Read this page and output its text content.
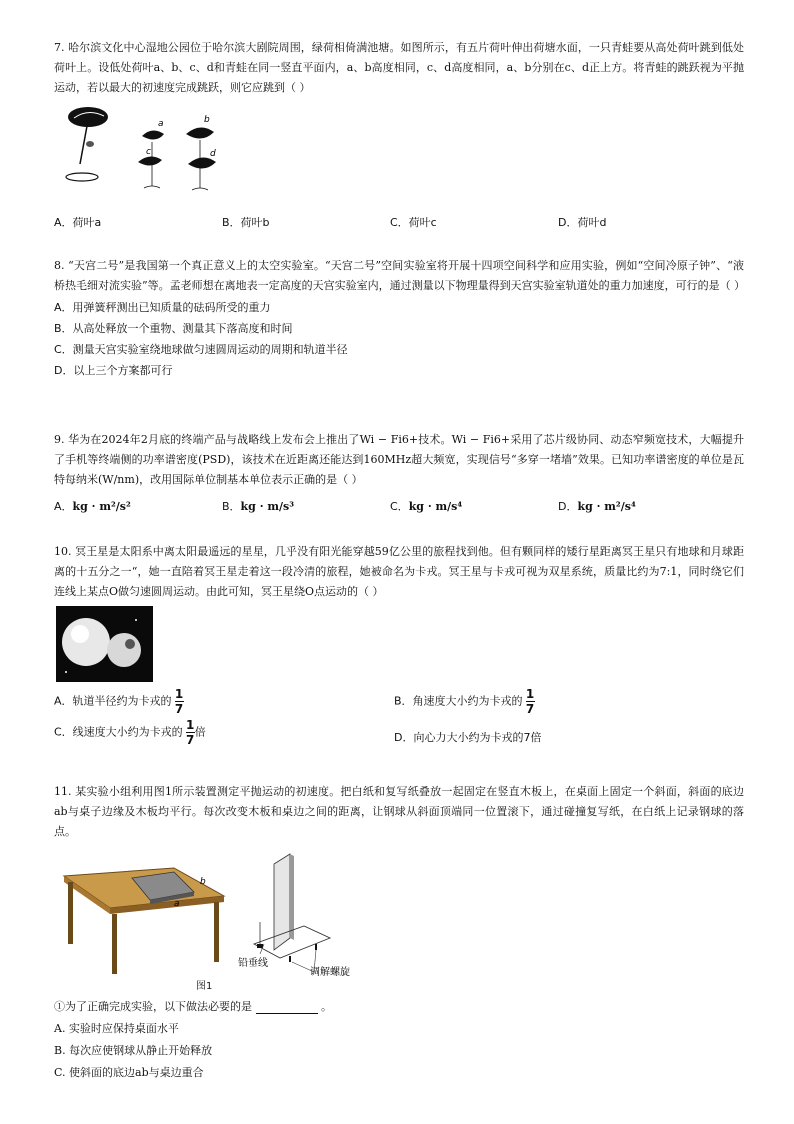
7. 哈尔滨文化中心湿地公园位于哈尔滨大剧院周围，绿荷相倚满池塘。如图所示，有五片荷叶伸出荷塘水面，一只青蛙要从高处荷叶跳到低处荷叶上。设低处荷叶a、b、c、d和青蛙在同一竖直平面内，a、b高度相同，c、d高度相同，a、b分别在c、d正上方。将青蛙的跳跃视为平抛运动，若以最大的初速度完成跳跃，则它应跳到（ ）
a	b
c	d
A．荷叶a	B．荷叶b	C．荷叶c	D．荷叶d
8. “天宫二号”是我国第一个真正意义上的太空实验室。“天宫二号”空间实验室将开展十四项空间科学和应用实验，例如“空间冷原子钟”、“液桥热毛细对流实验”等。孟老师想在离地表一定高度的天宫实验室内，通过测量以下物理量得到天宫实验室轨道处的重力加速度，可行的是（ ）
A．用弹簧秤测出已知质量的砝码所受的重力
B．从高处释放一个重物、测量其下落高度和时间
C．测量天宫实验室绕地球做匀速圆周运动的周期和轨道半径
D．以上三个方案都可行
9. 华为在2024年2月底的终端产品与战略线上发布会上推出了Wi − Fi6+技术。Wi − Fi6+采用了芯片级协同、动态窄频宽技术，大幅提升了手机等终端侧的功率谱密度(PSD)，该技术在近距离还能达到160MHz超大频宽，实现信号“多穿一堵墙”效果。已知功率谱密度的单位是瓦特每纳米(W/nm)，改用国际单位制基本单位表示正确的是（ ）
A．kg · m²/s²	B．kg · m/s³	C．kg · m/s⁴	D．kg · m²/s⁴
10. 冥王星是太阳系中离太阳最遥远的星星，几乎没有阳光能穿越59亿公里的旅程找到他。但有颗同样的矮行星距离冥王星只有地球和月球距离的十五分之一“，她一直陪着冥王星走着这一段冷清的旅程，她被命名为卡戎。冥王星与卡戎可视为双星系统，质量比约为7:1，同时绕它们连线上某点O做匀速圆周运动。由此可知，冥王星绕O点运动的（ ）
A．轨道半径约为卡戎的 $\frac{1}{7}$	B．角速度大小约为卡戎的 $\frac{1}{7}$
C．线速度大小约为卡戎的 $\frac{1}{7}$ 倍	D．向心力大小约为卡戎的7倍
11. 某实验小组利用图1所示装置测定平抛运动的初速度。把白纸和复写纸叠放一起固定在竖直木板上，在桌面上固定一个斜面，斜面的底边ab与桌子边缘及木板均平行。每次改变木板和桌边之间的距离，让钢球从斜面顶端同一位置滚下，通过碰撞复写纸，在白纸上记录钢球的落点。
b
a
铅垂线
调解螺旋
图1
①为了正确完成实验，以下做法必要的是	。
A. 实验时应保持桌面水平
B. 每次应使钢球从静止开始释放
C. 使斜面的底边ab与桌边重合
